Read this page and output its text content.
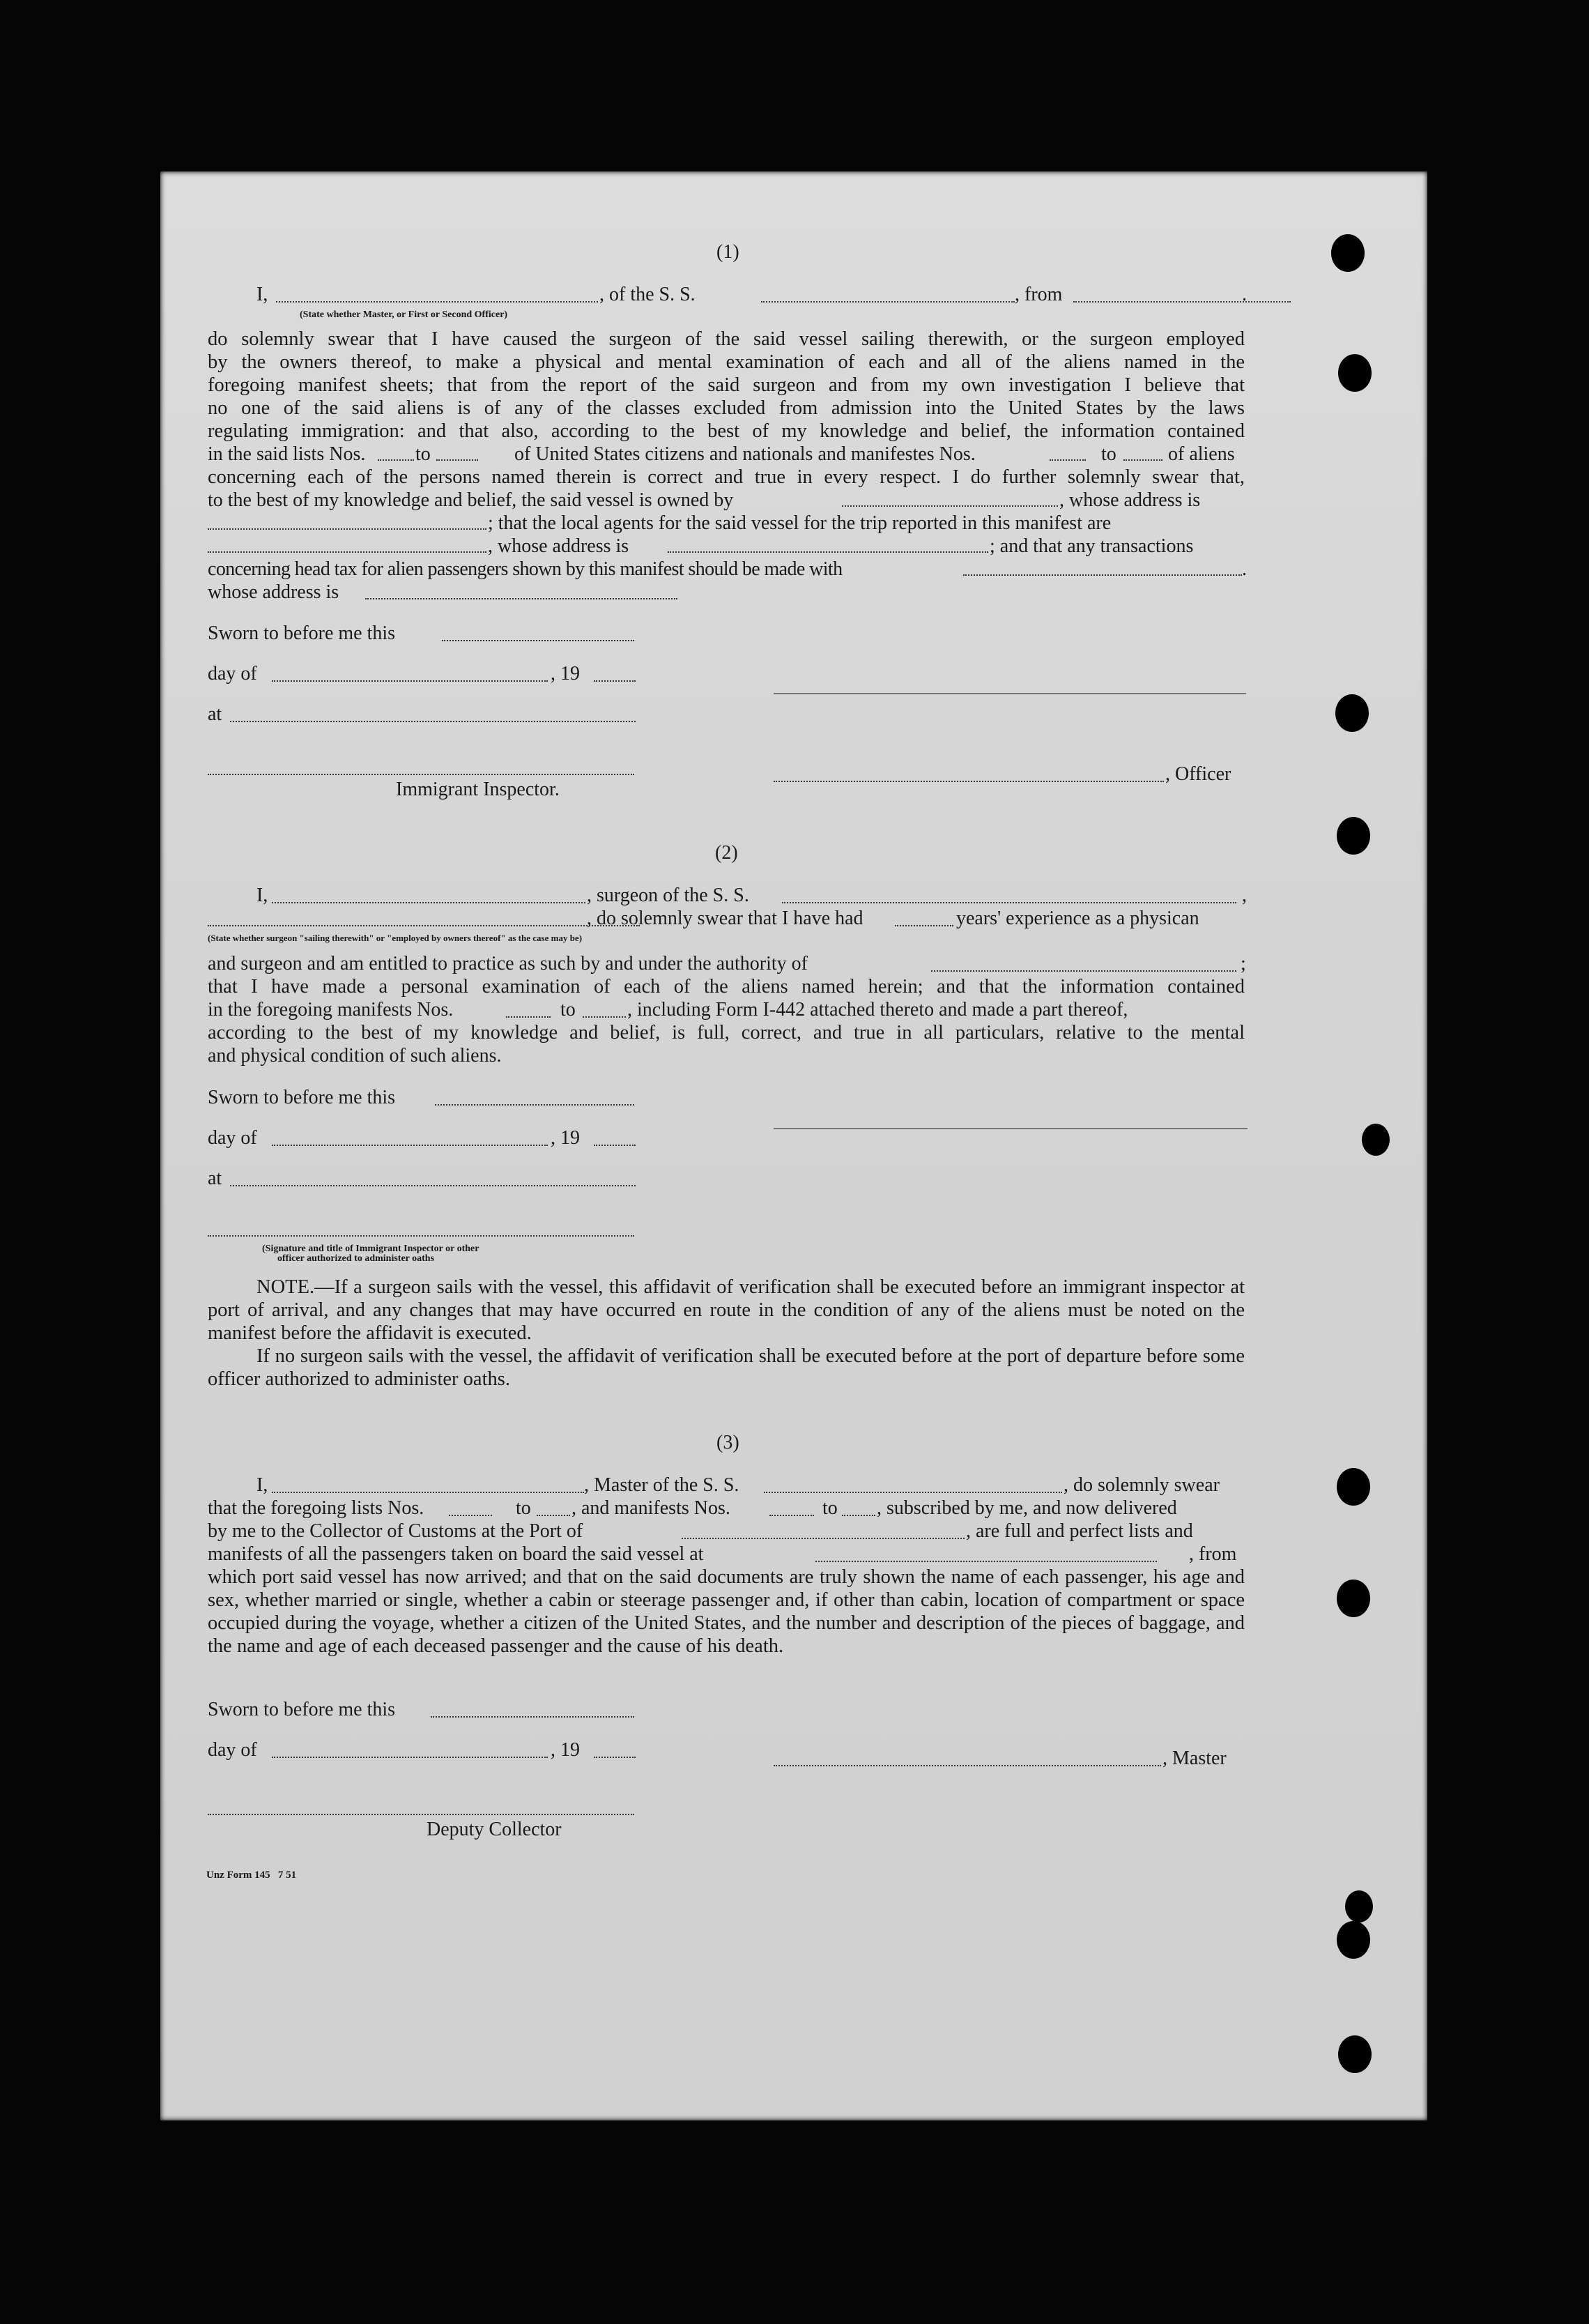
(1)
I,	, of the S. S.	, from	.
(State whether Master, or First or Second Officer)
do solemnly swear that I have caused the surgeon of the said vessel sailing therewith, or the surgeon employed
by the owners thereof, to make a physical and mental examination of each and all of the aliens named in the
foregoing manifest sheets; that from the report of the said surgeon and from my own investigation I believe that
no one of the said aliens is of any of the classes excluded from admission into the United States by the laws
regulating immigration: and that also, according to the best of my knowledge and belief, the information contained
in the said lists Nos.	to	of United States citizens and nationals and manifestes Nos.	to	of aliens
concerning each of the persons named therein is correct and true in every respect. I do further solemnly swear that,
to the best of my knowledge and belief, the said vessel is owned by	, whose address is
; that the local agents for the said vessel for the trip reported in this manifest are
, whose address is	; and that any transactions
concerning head tax for alien passengers shown by this manifest should be made with	.
whose address is
Sworn to before me this
day of	, 19
at
, Officer
Immigrant Inspector.
(2)
I,	, surgeon of the S. S.	,
, do solemnly swear that I have had	years' experience as a physican
(State whether surgeon "sailing therewith" or "employed by owners thereof" as the case may be)
and surgeon and am entitled to practice as such by and under the authority of	;
that I have made a personal examination of each of the aliens named herein; and that the information contained
in the foregoing manifests Nos.	to	, including Form I-442 attached thereto and made a part thereof,
according to the best of my knowledge and belief, is full, correct, and true in all particulars, relative to the mental
and physical condition of such aliens.
Sworn to before me this
day of	, 19
at
(Signature and title of Immigrant Inspector or other
officer authorized to administer oaths
NOTE.—If a surgeon sails with the vessel, this affidavit of verification shall be executed before an immigrant inspector at port of arrival, and any changes that may have occurred en route in the condition of any of the aliens must be noted on the manifest before the affidavit is executed.
If no surgeon sails with the vessel, the affidavit of verification shall be executed before at the port of departure before some officer authorized to administer oaths.
(3)
I,	, Master of the S. S.	, do solemnly swear
that the foregoing lists Nos.	to , and manifests Nos.	to , subscribed by me, and now delivered
by me to the Collector of Customs at the Port of	, are full and perfect lists and
manifests of all the passengers taken on board the said vessel at	, from
which port said vessel has now arrived; and that on the said documents are truly shown the name of each passenger, his age and sex, whether married or single, whether a cabin or steerage passenger and, if other than cabin, location of compartment or space occupied during the voyage, whether a citizen of the United States, and the number and description of the pieces of baggage, and the name and age of each deceased passenger and the cause of his death.
Sworn to before me this
day of	, 19	, Master
Deputy Collector
Unz Form 145   7 51
